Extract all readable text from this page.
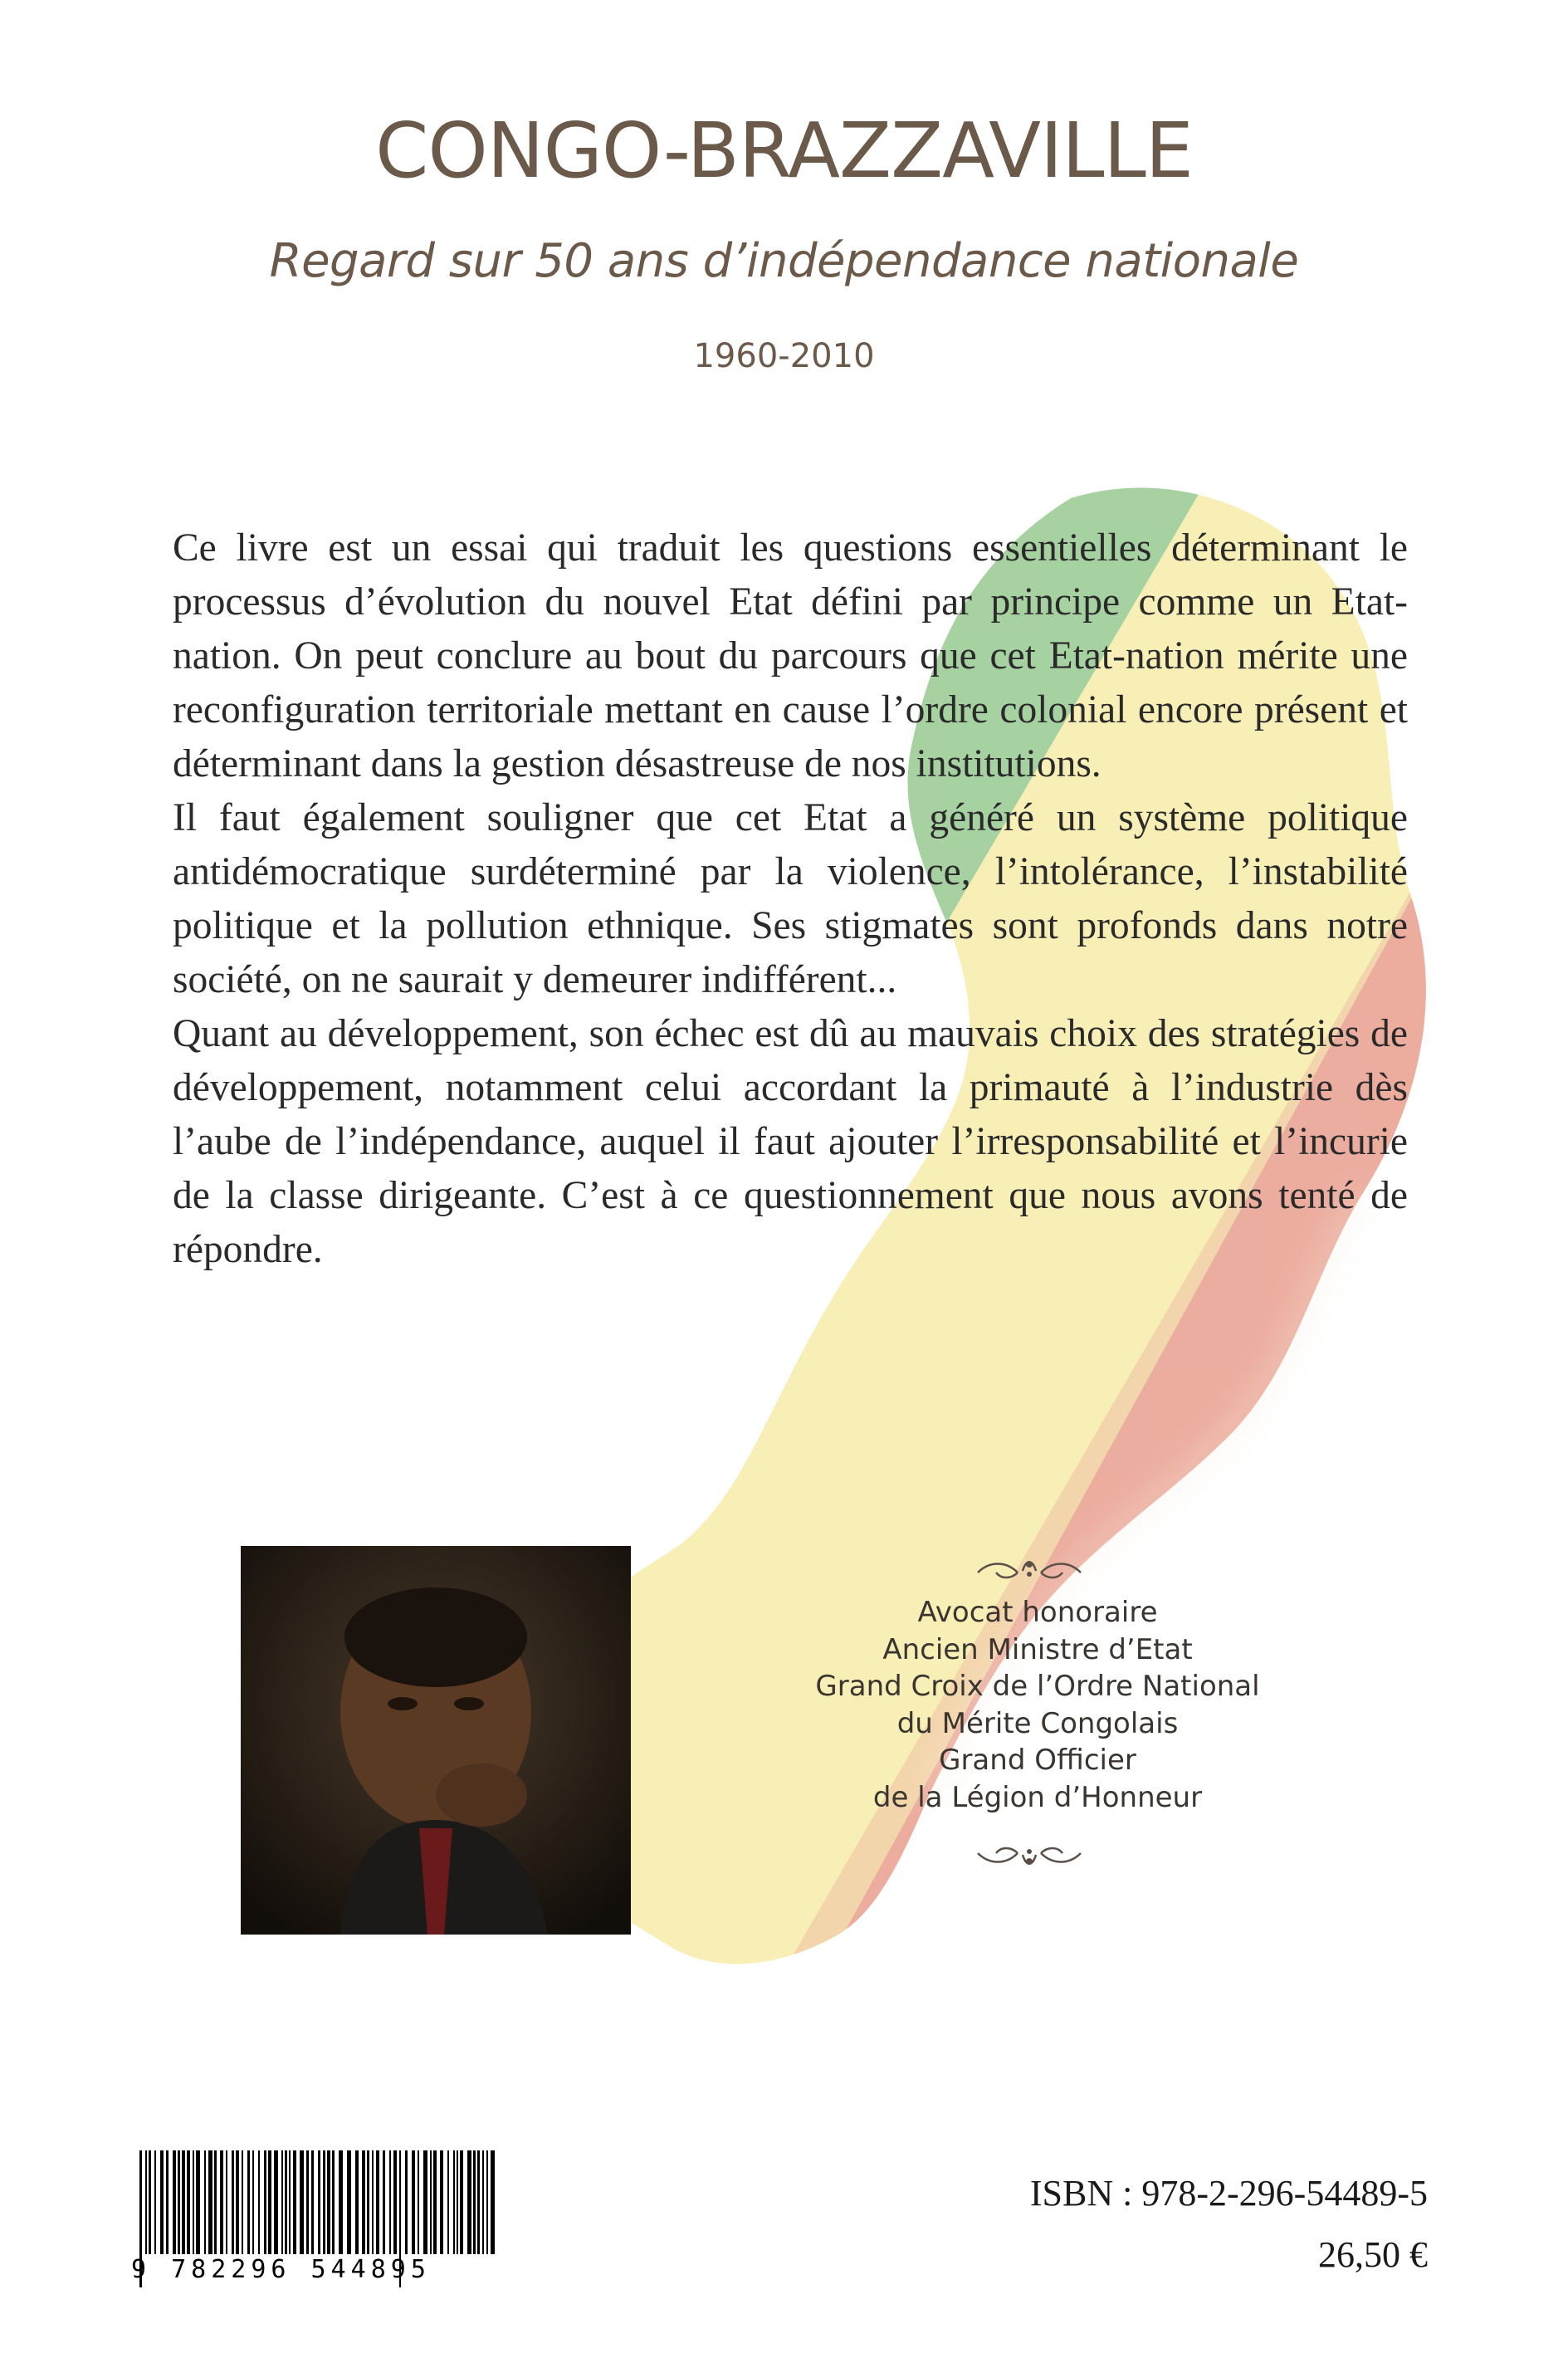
CONGO-BRAZZAVILLE
Regard sur 50 ans d’indépendance nationale
1960-2010

Ce livre est un essai qui traduit les questions essentielles déterminant le processus d’évolution du nouvel Etat défini par principe comme un Etat-nation. On peut conclure au bout du parcours que cet Etat-nation mérite une reconfiguration territoriale mettant en cause l’ordre colonial encore présent et déterminant dans la gestion désastreuse de nos institutions.

Il faut également souligner que cet Etat a généré un système politique antidémocratique surdéterminé par la violence, l’intolérance, l’instabilité politique et la pollution ethnique. Ses stigmates sont profonds dans notre société, on ne saurait y demeurer indifférent...

Quant au développement, son échec est dû au mauvais choix des stratégies de développement, notamment celui accordant la primauté à l’industrie dès l’aube de l’indépendance, auquel il faut ajouter l’irresponsabilité et l’incurie de la classe dirigeante. C’est à ce questionnement que nous avons tenté de répondre.

Avocat honoraire
Ancien Ministre d’Etat
Grand Croix de l’Ordre National
du Mérite Congolais
Grand Officier
de la Légion d’Honneur
9 782296 544895
ISBN : 978-2-296-54489-5
26,50 €
